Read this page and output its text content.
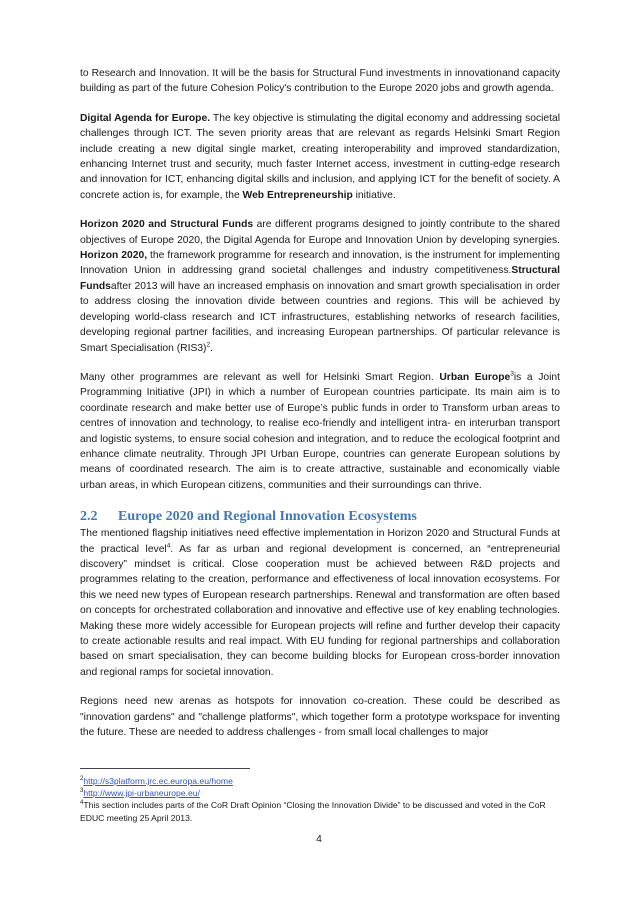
to Research and Innovation. It will be the basis for Structural Fund investments in innovationand capacity building as part of the future Cohesion Policy's contribution to the Europe 2020 jobs and growth agenda.

Digital Agenda for Europe. The key objective is stimulating the digital economy and addressing societal challenges through ICT. The seven priority areas that are relevant as regards Helsinki Smart Region include creating a new digital single market, creating interoperability and improved standardization, enhancing Internet trust and security, much faster Internet access, investment in cutting-edge research and innovation for ICT, enhancing digital skills and inclusion, and applying ICT for the benefit of society. A concrete action is, for example, the Web Entrepreneurship initiative.

Horizon 2020 and Structural Funds are different programs designed to jointly contribute to the shared objectives of Europe 2020, the Digital Agenda for Europe and Innovation Union by developing synergies. Horizon 2020, the framework programme for research and innovation, is the instrument for implementing Innovation Union in addressing grand societal challenges and industry competitiveness.Structural Fundsafter 2013 will have an increased emphasis on innovation and smart growth specialisation in order to address closing the innovation divide between countries and regions. This will be achieved by developing world-class research and ICT infrastructures, establishing networks of research facilities, developing regional partner facilities, and increasing European partnerships. Of particular relevance is Smart Specialisation $(RIS3)^2$.

Many other programmes are relevant as well for Helsinki Smart Region. Urban Europe$^3$is a Joint Programming Initiative (JPI) in which a number of European countries participate. Its main aim is to coordinate research and make better use of Europe’s public funds in order to Transform urban areas to centres of innovation and technology, to realise eco-friendly and intelligent intra- en interurban transport and logistic systems, to ensure social cohesion and integration, and to reduce the ecological footprint and enhance climate neutrality. Through JPI Urban Europe, countries can generate European solutions by means of coordinated research. The aim is to create attractive, sustainable and economically viable urban areas, in which European citizens, communities and their surroundings can thrive.

2.2 Europe 2020 and Regional Innovation Ecosystems

The mentioned flagship initiatives need effective implementation in Horizon 2020 and Structural Funds at the practical level$^4$. As far as urban and regional development is concerned, an “entrepreneurial discovery” mindset is critical. Close cooperation must be achieved between R&D projects and programmes relating to the creation, performance and effectiveness of local innovation ecosystems. For this we need new types of European research partnerships. Renewal and transformation are often based on concepts for orchestrated collaboration and innovative and effective use of key enabling technologies. Making these more widely accessible for European projects will refine and further develop their capacity to create actionable results and real impact. With EU funding for regional partnerships and collaboration based on smart specialisation, they can become building blocks for European cross-border innovation and regional ramps for societal innovation.

Regions need new arenas as hotspots for innovation co-creation. These could be described as "innovation gardens" and "challenge platforms", which together form a prototype workspace for inventing the future. These are needed to address challenges - from small local challenges to major

$^2$http://s3platform.jrc.ec.europa.eu/home
$^3$http://www.jpi-urbaneurope.eu/
$^4$This section includes parts of the CoR Draft Opinion “Closing the Innovation Divide” to be discussed and voted in the CoR EDUC meeting 25 April 2013.
4
